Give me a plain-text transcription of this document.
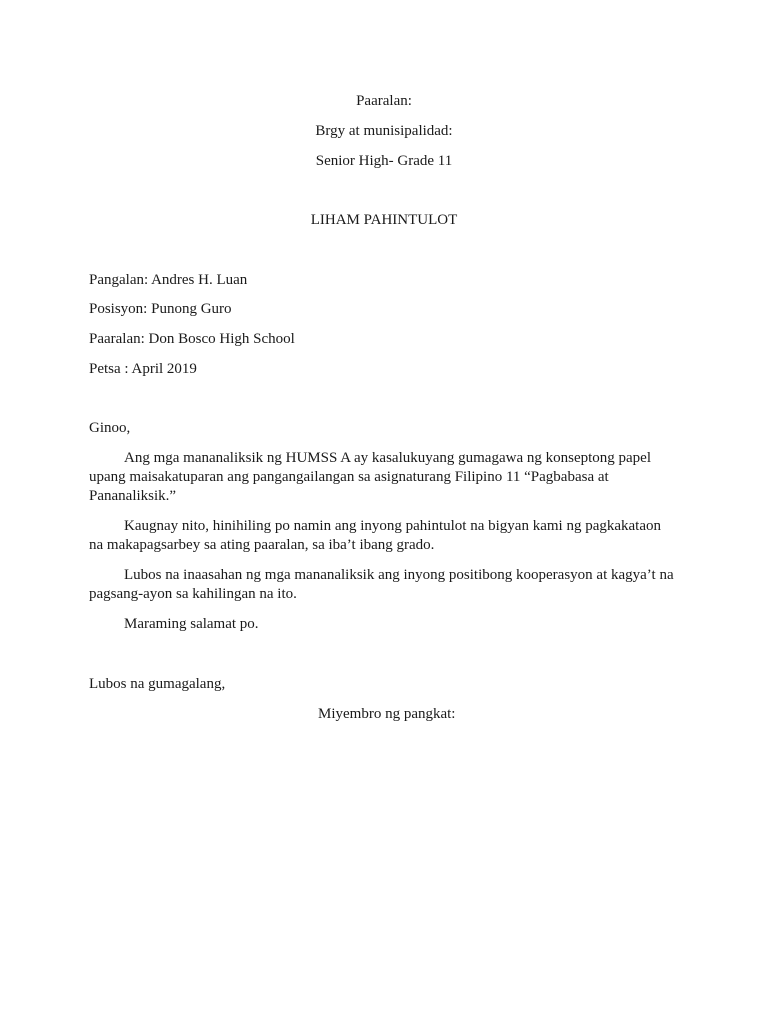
Paaralan:
Brgy at munisipalidad:
Senior High- Grade 11
LIHAM PAHINTULOT
Pangalan: Andres H. Luan
Posisyon: Punong Guro
Paaralan: Don Bosco High School
Petsa : April 2019
Ginoo,
Ang mga mananaliksik ng HUMSS A ay kasalukuyang gumagawa ng konseptong papel
upang maisakatuparan ang pangangailangan sa asignaturang Filipino 11 “Pagbabasa at
Pananaliksik.”
Kaugnay nito, hinihiling po namin ang inyong pahintulot na bigyan kami ng pagkakataon
na makapagsarbey sa ating paaralan, sa iba’t ibang grado.
Lubos na inaasahan ng mga mananaliksik ang inyong positibong kooperasyon at kagya’t na
pagsang-ayon sa kahilingan na ito.
Maraming salamat po.
Lubos na gumagalang,
Miyembro ng pangkat:
